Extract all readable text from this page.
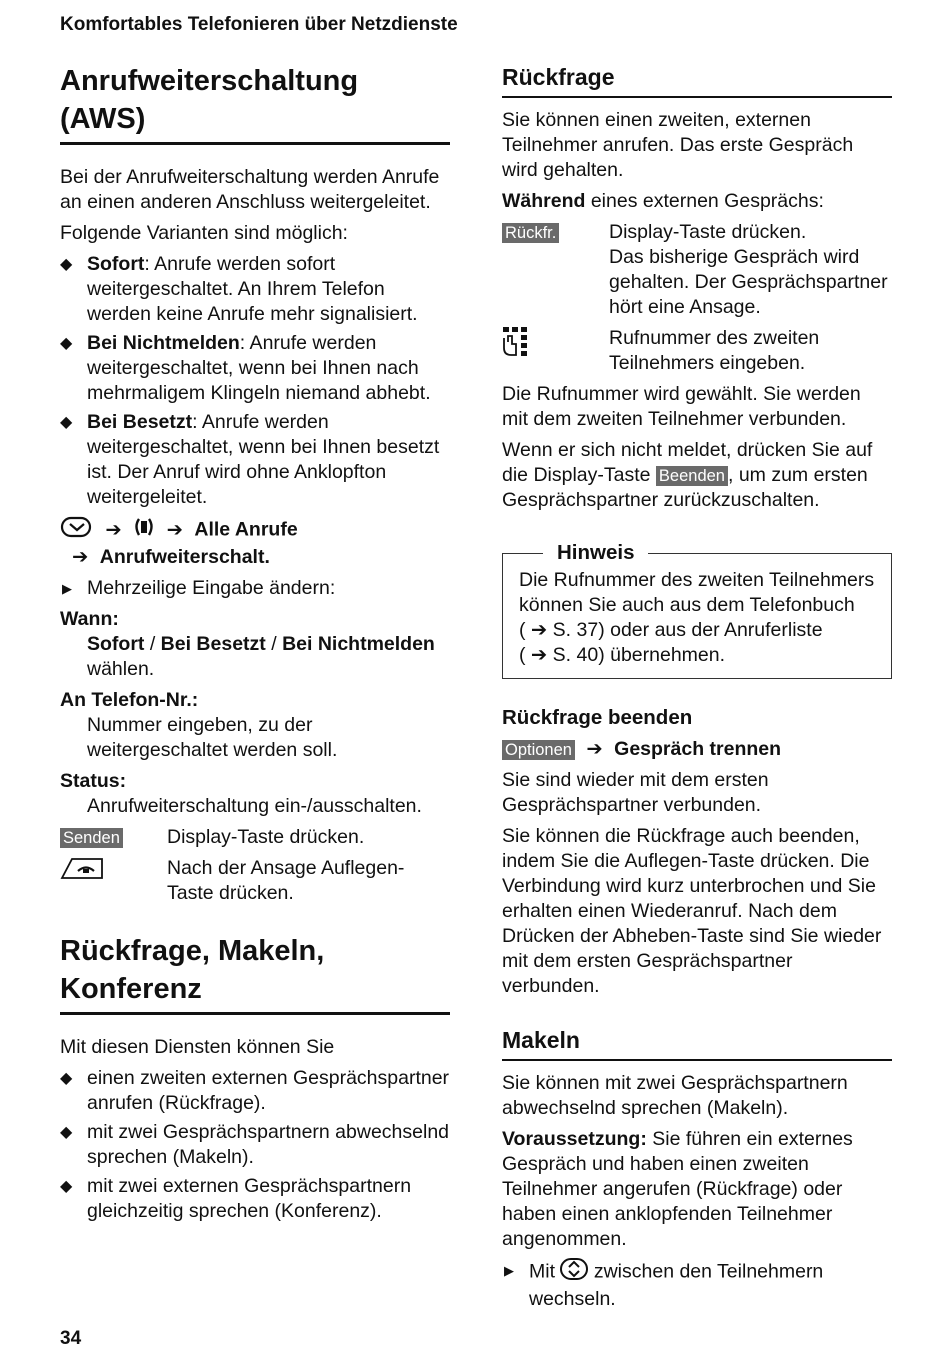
Komfortables Telefonieren über Netzdienste
Anrufweiterschaltung (AWS)

Bei der Anrufweiterschaltung werden Anrufe an einen anderen Anschluss weitergeleitet.

Folgende Varianten sind möglich:

◆ Sofort: Anrufe werden sofort weitergeschaltet. An Ihrem Telefon werden keine Anrufe mehr signalisiert.
◆ Bei Nichtmelden: Anrufe werden weitergeschaltet, wenn bei Ihnen nach mehrmaligem Klingeln niemand abhebt.
◆ Bei Besetzt: Anrufe werden weitergeschaltet, wenn bei Ihnen besetzt ist. Der Anruf wird ohne Anklopfton weitergeleitet.
➔ ➔ Alle Anrufe
➔ Anrufweiterschalt.
▶ Mehrzeilige Eingabe ändern:
Wann:
Sofort / Bei Besetzt / Bei Nichtmelden wählen.
An Telefon-Nr.:
Nummer eingeben, zu der weitergeschaltet werden soll.
Status:
Anrufweiterschaltung ein-/ausschalten.
Senden	Display-Taste drücken.
Nach der Ansage Auflegen-Taste drücken.
Rückfrage, Makeln,
Konferenz

Mit diesen Diensten können Sie

◆ einen zweiten externen Gesprächspartner anrufen (Rückfrage).
◆ mit zwei Gesprächspartnern abwechselnd sprechen (Makeln).
◆ mit zwei externen Gesprächspartnern gleichzeitig sprechen (Konferenz).
Rückfrage

Sie können einen zweiten, externen Teilnehmer anrufen. Das erste Gespräch wird gehalten.

Während eines externen Gesprächs:

Rückfr.	Display-Taste drücken.
Das bisherige Gespräch wird gehalten. Der Gesprächspartner hört eine Ansage.
Rufnummer des zweiten Teilnehmers eingeben.

Die Rufnummer wird gewählt. Sie werden mit dem zweiten Teilnehmer verbunden.

Wenn er sich nicht meldet, drücken Sie auf die Display-Taste Beenden , um zum ersten Gesprächspartner zurückzuschalten.

Hinweis
Die Rufnummer des zweiten Teilnehmers können Sie auch aus dem Telefonbuch
( ➔ S. 37) oder aus der Anruferliste
( ➔ S. 40) übernehmen.
Rückfrage beenden
Optionen ➔ Gespräch trennen

Sie sind wieder mit dem ersten Gesprächspartner verbunden.

Sie können die Rückfrage auch beenden, indem Sie die Auflegen-Taste drücken. Die Verbindung wird kurz unterbrochen und Sie erhalten einen Wiederanruf. Nach dem Drücken der Abheben-Taste sind Sie wieder mit dem ersten Gesprächspartner verbunden.

Makeln

Sie können mit zwei Gesprächspartnern abwechselnd sprechen (Makeln).

Voraussetzung: Sie führen ein externes Gespräch und haben einen zweiten Teilnehmer angerufen (Rückfrage) oder haben einen anklopfenden Teilnehmer angenommen.

▶ Mit  zwischen den Teilnehmern wechseln.
34
